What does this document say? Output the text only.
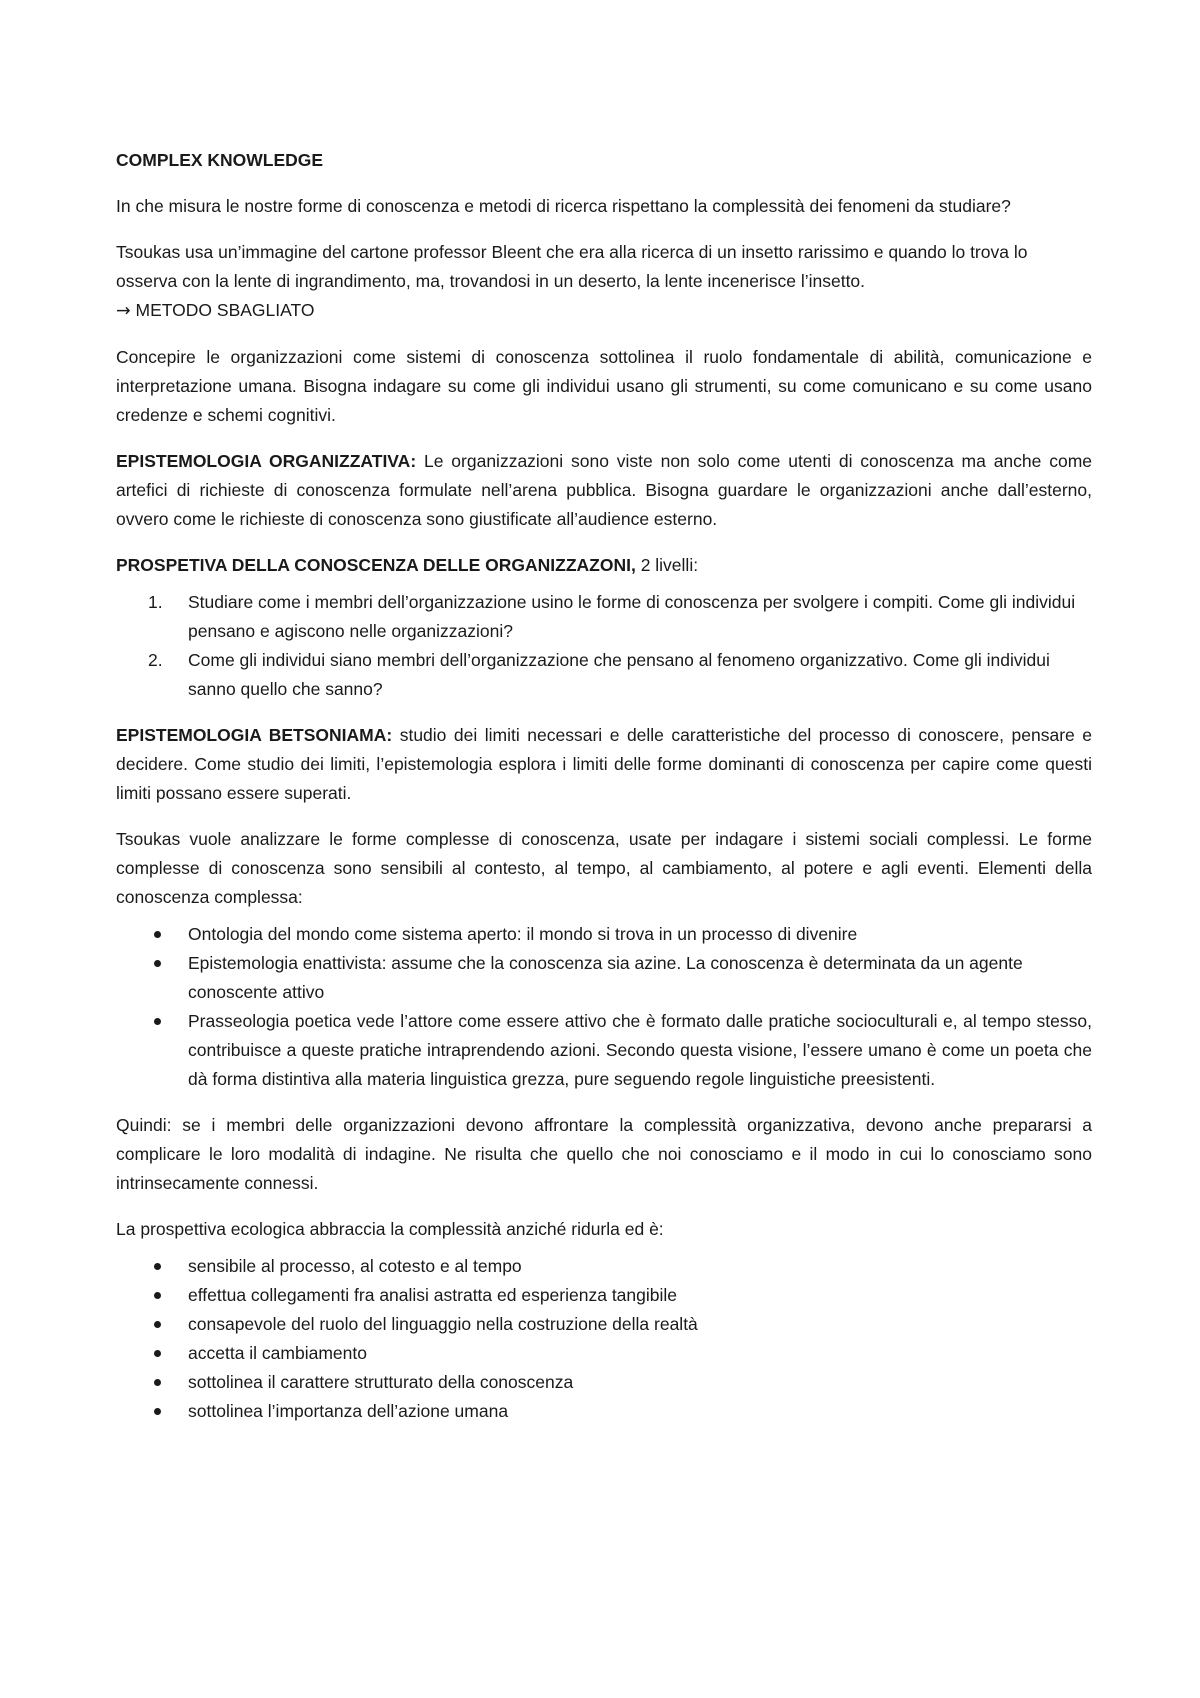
COMPLEX KNOWLEDGE

In che misura le nostre forme di conoscenza e metodi di ricerca rispettano la complessità dei fenomeni da studiare?

Tsoukas usa un’immagine del cartone professor Bleent che era alla ricerca di un insetto rarissimo e quando lo trova lo osserva con la lente di ingrandimento, ma, trovandosi in un deserto, la lente incenerisce l’insetto.
→ METODO SBAGLIATO

Concepire le organizzazioni come sistemi di conoscenza sottolinea il ruolo fondamentale di abilità, comunicazione e interpretazione umana. Bisogna indagare su come gli individui usano gli strumenti, su come comunicano e su come usano credenze e schemi cognitivi.

EPISTEMOLOGIA ORGANIZZATIVA: Le organizzazioni sono viste non solo come utenti di conoscenza ma anche come artefici di richieste di conoscenza formulate nell’arena pubblica. Bisogna guardare le organizzazioni anche dall’esterno, ovvero come le richieste di conoscenza sono giustificate all’audience esterno.

PROSPETIVA DELLA CONOSCENZA DELLE ORGANIZZAZONI, 2 livelli:

1. Studiare come i membri dell’organizzazione usino le forme di conoscenza per svolgere i compiti. Come gli individui pensano e agiscono nelle organizzazioni?
2. Come gli individui siano membri dell’organizzazione che pensano al fenomeno organizzativo. Come gli individui sanno quello che sanno?

EPISTEMOLOGIA BETSONIAMA: studio dei limiti necessari e delle caratteristiche del processo di conoscere, pensare e decidere. Come studio dei limiti, l’epistemologia esplora i limiti delle forme dominanti di conoscenza per capire come questi limiti possano essere superati.

Tsoukas vuole analizzare le forme complesse di conoscenza, usate per indagare i sistemi sociali complessi. Le forme complesse di conoscenza sono sensibili al contesto, al tempo, al cambiamento, al potere e agli eventi. Elementi della conoscenza complessa:

Ontologia del mondo come sistema aperto: il mondo si trova in un processo di divenire
Epistemologia enattivista: assume che la conoscenza sia azine. La conoscenza è determinata da un agente conoscente attivo
Prasseologia poetica vede l’attore come essere attivo che è formato dalle pratiche socioculturali e, al tempo stesso, contribuisce a queste pratiche intraprendendo azioni. Secondo questa visione, l’essere umano è come un poeta che dà forma distintiva alla materia linguistica grezza, pure seguendo regole linguistiche preesistenti.

Quindi: se i membri delle organizzazioni devono affrontare la complessità organizzativa, devono anche prepararsi a complicare le loro modalità di indagine. Ne risulta che quello che noi conosciamo e il modo in cui lo conosciamo sono intrinsecamente connessi.

La prospettiva ecologica abbraccia la complessità anziché ridurla ed è:

sensibile al processo, al cotesto e al tempo
effettua collegamenti fra analisi astratta ed esperienza tangibile
consapevole del ruolo del linguaggio nella costruzione della realtà
accetta il cambiamento
sottolinea il carattere strutturato della conoscenza
sottolinea l’importanza dell’azione umana
